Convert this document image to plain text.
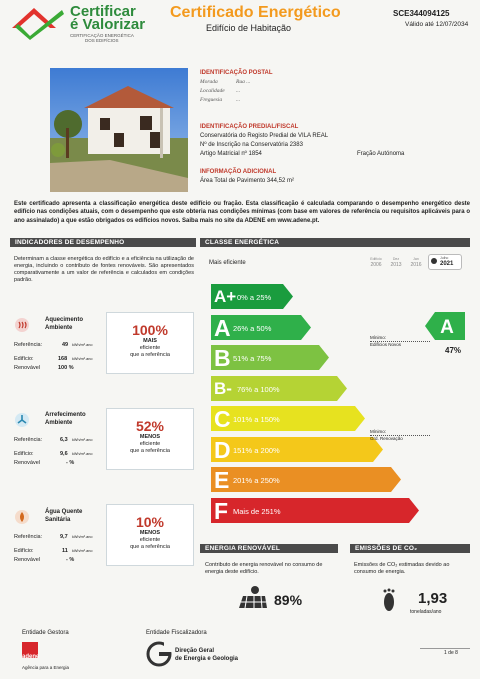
Certificar
é Valorizar
CERTIFICAÇÃO ENERGÉTICA
DOS EDIFÍCIOS
Certificado Energético
Edifício de Habitação
SCE344094125
Válido até 12/07/2034
IDENTIFICAÇÃO POSTAL
Morada	Rua ...
Localidade ...
Freguesia	...
IDENTIFICAÇÃO PREDIAL/FISCAL
Conservatória do Registo Predial de VILA REAL
Nº de Inscrição na Conservatória 2383
Artigo Matricial nº 1854	Fração Autónoma
INFORMAÇÃO ADICIONAL
Área Total de Pavimento 344,52 m²
Este certificado apresenta a classificação energética deste edifício ou fração. Esta classificação é calculada comparando o desempenho energético deste edifício nas condições atuais, com o desempenho que este obteria nas condições mínimas (com base em valores de referência ou requisitos aplicáveis para o ano assinalado) a que estão obrigados os edifícios novos. Saiba mais no site da ADENE em www.adene.pt.
INDICADORES DE DESEMPENHO
Determinam a classe energética do edifício e a eficiência na utilização de energia, incluindo o contributo de fontes renováveis. São apresentados comparativamente a um valor de referência e calculados em condições padrão.
Aquecimento
Ambiente
Referência:	49 kWh/m².ano
Edifício:	168 kWh/m².ano
Renovável	100 %
100%
MAIS
eficiente
que a referência
Arrefecimento
Ambiente
Referência:	6,3 kWh/m².ano
Edifício:	9,6 kWh/m².ano
Renovável	- %
52%
MENOS
eficiente
que a referência
Água Quente
Sanitária
Referência:	9,7 kWh/m².ano
Edifício:	11 kWh/m².ano
Renovável	- %
10%
MENOS
eficiente
que a referência
CLASSE ENERGÉTICA
Mais eficiente
Edifício
2006
Dez
2013
Jan
2016
Julho
2021
A+ 0% a 25%
A 26% a 50%
B 51% a 75%
B- 76% a 100%
C 101% a 150%
D 151% a 200%
E 201% a 250%
F Mais de 251%
Mínimo:
Edifícios Novos
Mínimo:
Grd. Renovação
A
47%
ENERGIA RENOVÁVEL
Contributo de energia renovável no consumo de energia deste edifício.
89%
EMISSÕES DE CO₂
Emissões de CO₂ estimadas devido ao consumo de energia.
1,93
toneladas/ano
Entidade Gestora
adene
Agência para a Energia
Entidade Fiscalizadora
Direção Geral
de Energia e Geologia
1 de 8
